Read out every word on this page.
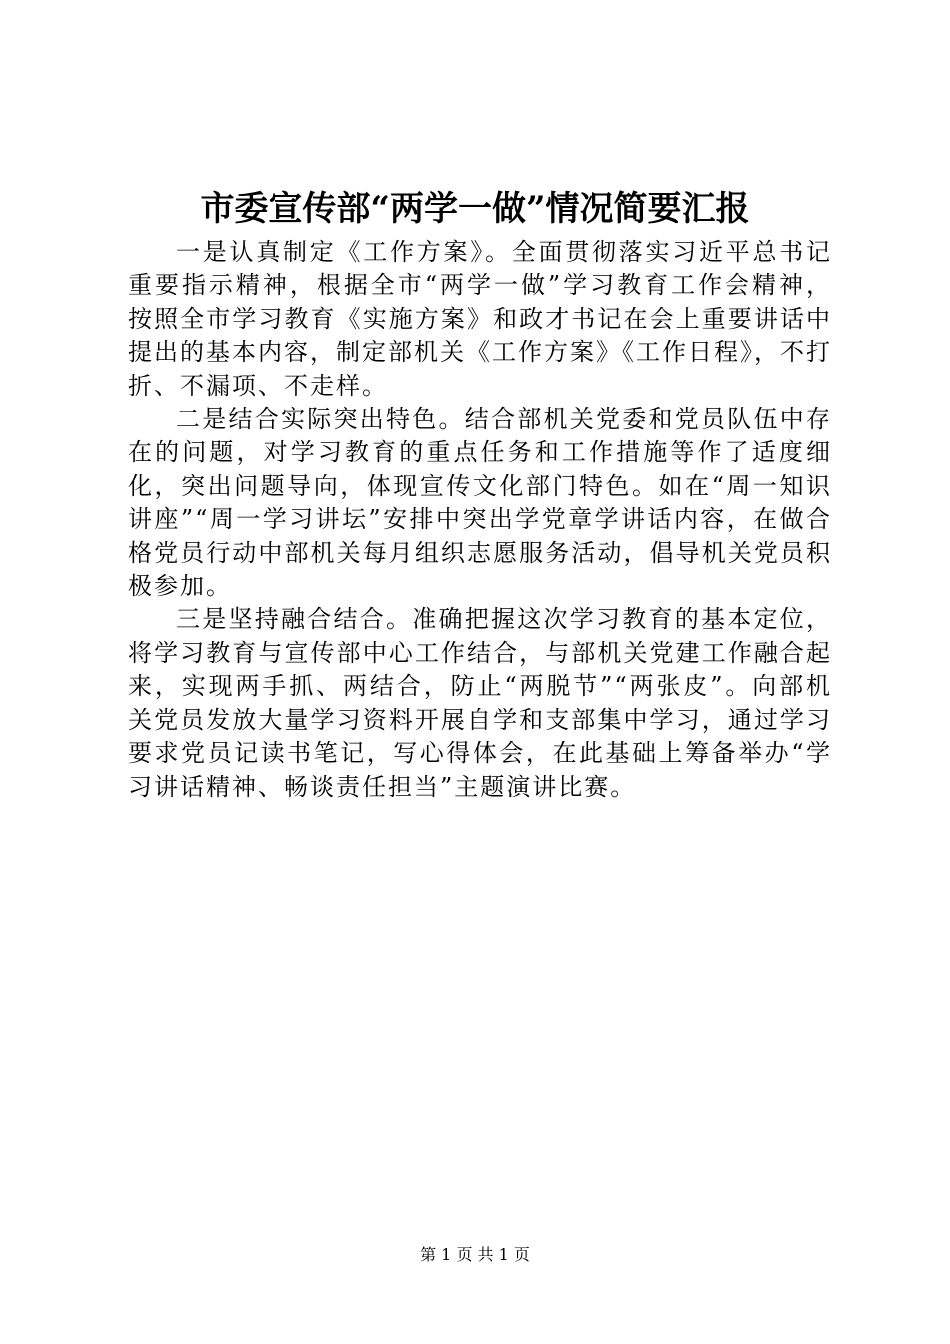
市委宣传部“两学一做”情况简要汇报

一是认真制定《工作方案》。全面贯彻落实习近平总书记重要指示精神，根据全市“两学一做”学习教育工作会精神，按照全市学习教育《实施方案》和政才书记在会上重要讲话中提出的基本内容，制定部机关《工作方案》《工作日程》，不打折、不漏项、不走样。

二是结合实际突出特色。结合部机关党委和党员队伍中存在的问题，对学习教育的重点任务和工作措施等作了适度细化，突出问题导向，体现宣传文化部门特色。如在“周一知识讲座”“周一学习讲坛”安排中突出学党章学讲话内容，在做合格党员行动中部机关每月组织志愿服务活动，倡导机关党员积极参加。

三是坚持融合结合。准确把握这次学习教育的基本定位，将学习教育与宣传部中心工作结合，与部机关党建工作融合起来，实现两手抓、两结合，防止“两脱节”“两张皮”。向部机关党员发放大量学习资料开展自学和支部集中学习，通过学习要求党员记读书笔记，写心得体会，在此基础上筹备举办“学习讲话精神、畅谈责任担当”主题演讲比赛。

第 1 页 共 1 页
